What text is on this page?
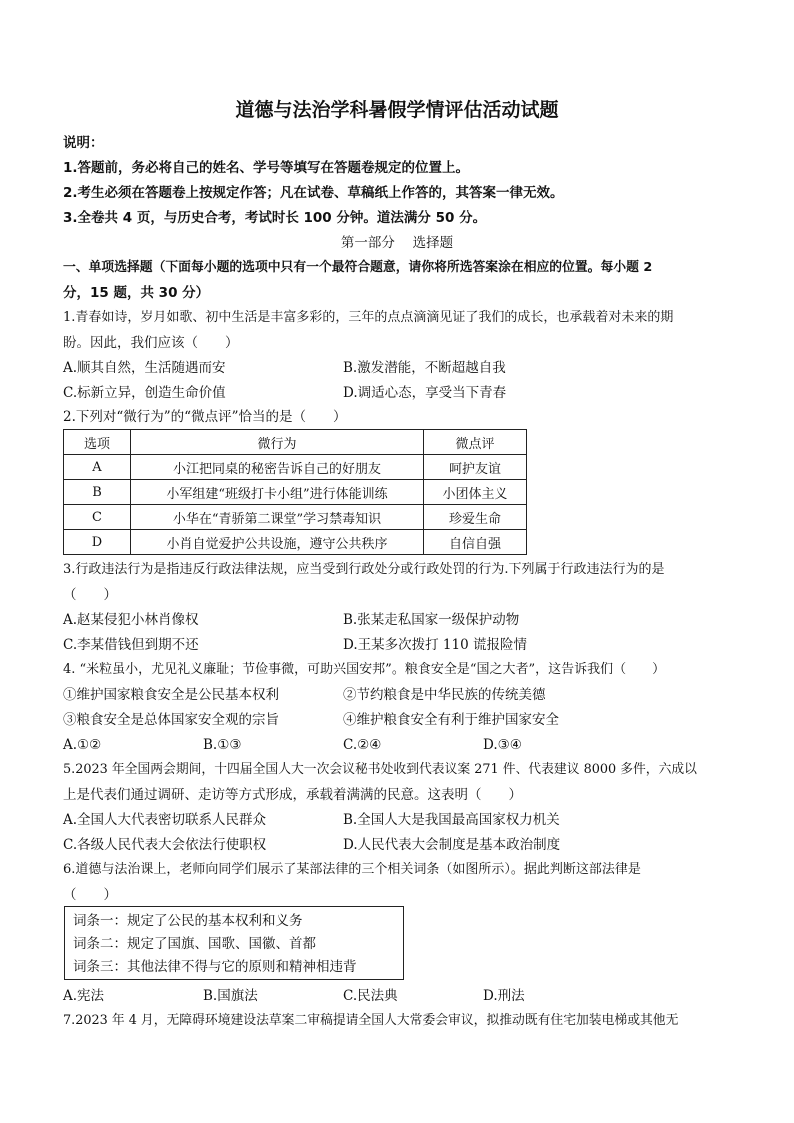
道德与法治学科暑假学情评估活动试题
说明：
1.答题前，务必将自己的姓名、学号等填写在答题卷规定的位置上。
2.考生必须在答题卷上按规定作答；凡在试卷、草稿纸上作答的，其答案一律无效。
3.全卷共 4 页，与历史合考，考试时长 100 分钟。道法满分 50 分。
第一部分　 选择题
一、单项选择题（下面每小题的选项中只有一个最符合题意，请你将所选答案涂在相应的位置。每小题 2
分，15 题，共 30 分）
1.青春如诗，岁月如歌、初中生活是丰富多彩的，三年的点点滴滴见证了我们的成长，也承载着对未来的期
盼。因此，我们应该（　　）
A.顺其自然，生活随遇而安	B.激发潜能，不断超越自我
C.标新立异，创造生命价值	D.调适心态，享受当下青春
2.下列对“微行为”的“微点评”恰当的是（　　）
选项	微行为	微点评
A	小江把同桌的秘密告诉自己的好朋友	呵护友谊
B	小军组建“班级打卡小组”进行体能训练	小团体主义
C	小华在“青骄第二课堂”学习禁毒知识	珍爱生命
D	小肖自觉爱护公共设施，遵守公共秩序	自信自强
3.行政违法行为是指违反行政法律法规，应当受到行政处分或行政处罚的行为.下列属于行政违法行为的是
（　　）
A.赵某侵犯小林肖像权	B.张某走私国家一级保护动物
C.李某借钱但到期不还	D.王某多次拨打 110 谎报险情
4. “米粒虽小，尤见礼义廉耻；节俭事微，可助兴国安邦”。粮食安全是“国之大者”，这告诉我们（　　）
①维护国家粮食安全是公民基本权利	②节约粮食是中华民族的传统美德
③粮食安全是总体国家安全观的宗旨	④维护粮食安全有利于维护国家安全
A.①②	B.①③	C.②④	D.③④
5.2023 年全国两会期间，十四届全国人大一次会议秘书处收到代表议案 271 件、代表建议 8000 多件，六成以
上是代表们通过调研、走访等方式形成，承载着满满的民意。这表明（　　）
A.全国人大代表密切联系人民群众	B.全国人大是我国最高国家权力机关
C.各级人民代表大会依法行使职权	D.人民代表大会制度是基本政治制度
6.道德与法治课上，老师向同学们展示了某部法律的三个相关词条（如图所示）。据此判断这部法律是
（　　）
词条一：规定了公民的基本权利和义务
词条二：规定了国旗、国歌、国徽、首都
词条三：其他法律不得与它的原则和精神相违背
A.宪法	B.国旗法	C.民法典	D.刑法
7.2023 年 4 月，无障碍环境建设法草案二审稿提请全国人大常委会审议，拟推动既有住宅加装电梯或其他无
